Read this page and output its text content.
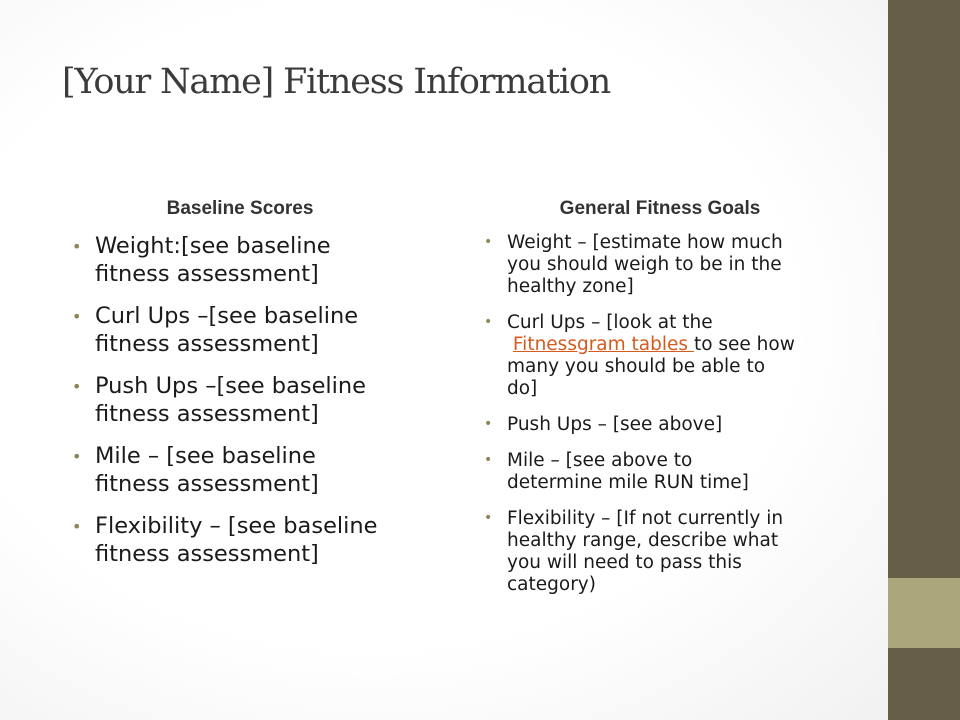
[Your Name] Fitness Information
Baseline Scores	General Fitness Goals
• Weight:[see baseline
fitness assessment]
• Curl Ups –[see baseline
fitness assessment]
• Push Ups –[see baseline
fitness assessment]
• Mile – [see baseline
fitness assessment]
• Flexibility – [see baseline
fitness assessment]
• Weight – [estimate how much
you should weigh to be in the
healthy zone]
• Curl Ups – [look at the
Fitnessgram tables to see how
many you should be able to
do]
• Push Ups – [see above]
• Mile – [see above to
determine mile RUN time]
• Flexibility – [If not currently in
healthy range, describe what
you will need to pass this
category)
